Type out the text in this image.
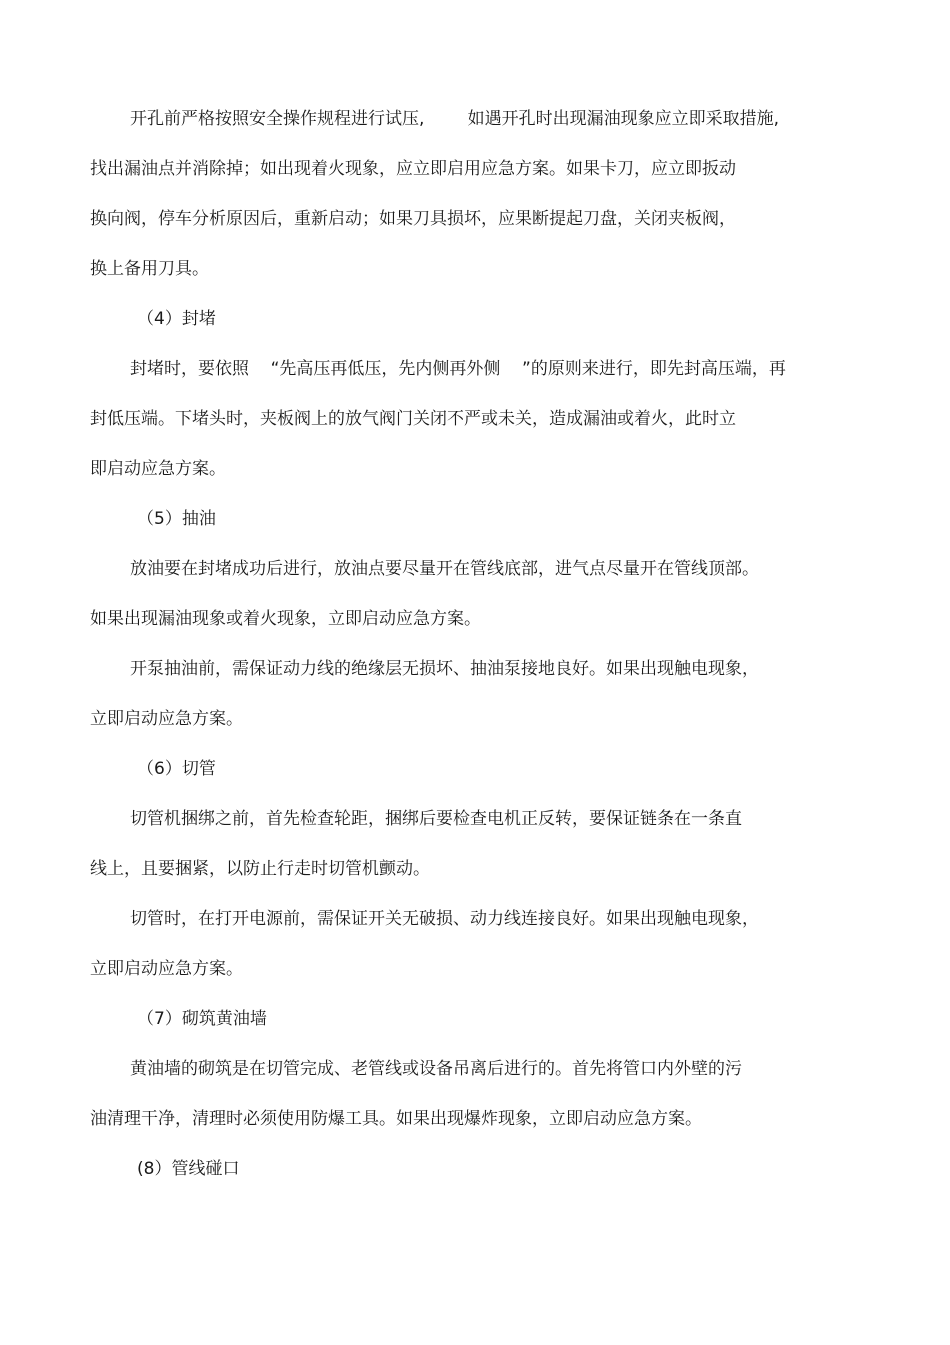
开孔前严格按照安全操作规程进行试压,        如遇开孔时出现漏油现象应立即采取措施,

找出漏油点并消除掉；如出现着火现象，应立即启用应急方案。如果卡刀，应立即扳动

换向阀，停车分析原因后，重新启动；如果刀具损坏，应果断提起刀盘，关闭夹板阀，

换上备用刀具。

（4）封堵

封堵时，要依照    “先高压再低压，先内侧再外侧    ”的原则来进行，即先封高压端，再

封低压端。下堵头时，夹板阀上的放气阀门关闭不严或未关，造成漏油或着火，此时立

即启动应急方案。

（5）抽油

放油要在封堵成功后进行，放油点要尽量开在管线底部，进气点尽量开在管线顶部。

如果出现漏油现象或着火现象，立即启动应急方案。

开泵抽油前，需保证动力线的绝缘层无损坏、抽油泵接地良好。如果出现触电现象，

立即启动应急方案。

（6）切管

切管机捆绑之前，首先检查轮距，捆绑后要检查电机正反转，要保证链条在一条直

线上，且要捆紧，以防止行走时切管机颤动。

切管时，在打开电源前，需保证开关无破损、动力线连接良好。如果出现触电现象，

立即启动应急方案。

（7）砌筑黄油墙

黄油墙的砌筑是在切管完成、老管线或设备吊离后进行的。首先将管口内外壁的污

油清理干净，清理时必须使用防爆工具。如果出现爆炸现象，立即启动应急方案。

(8）管线碰口
